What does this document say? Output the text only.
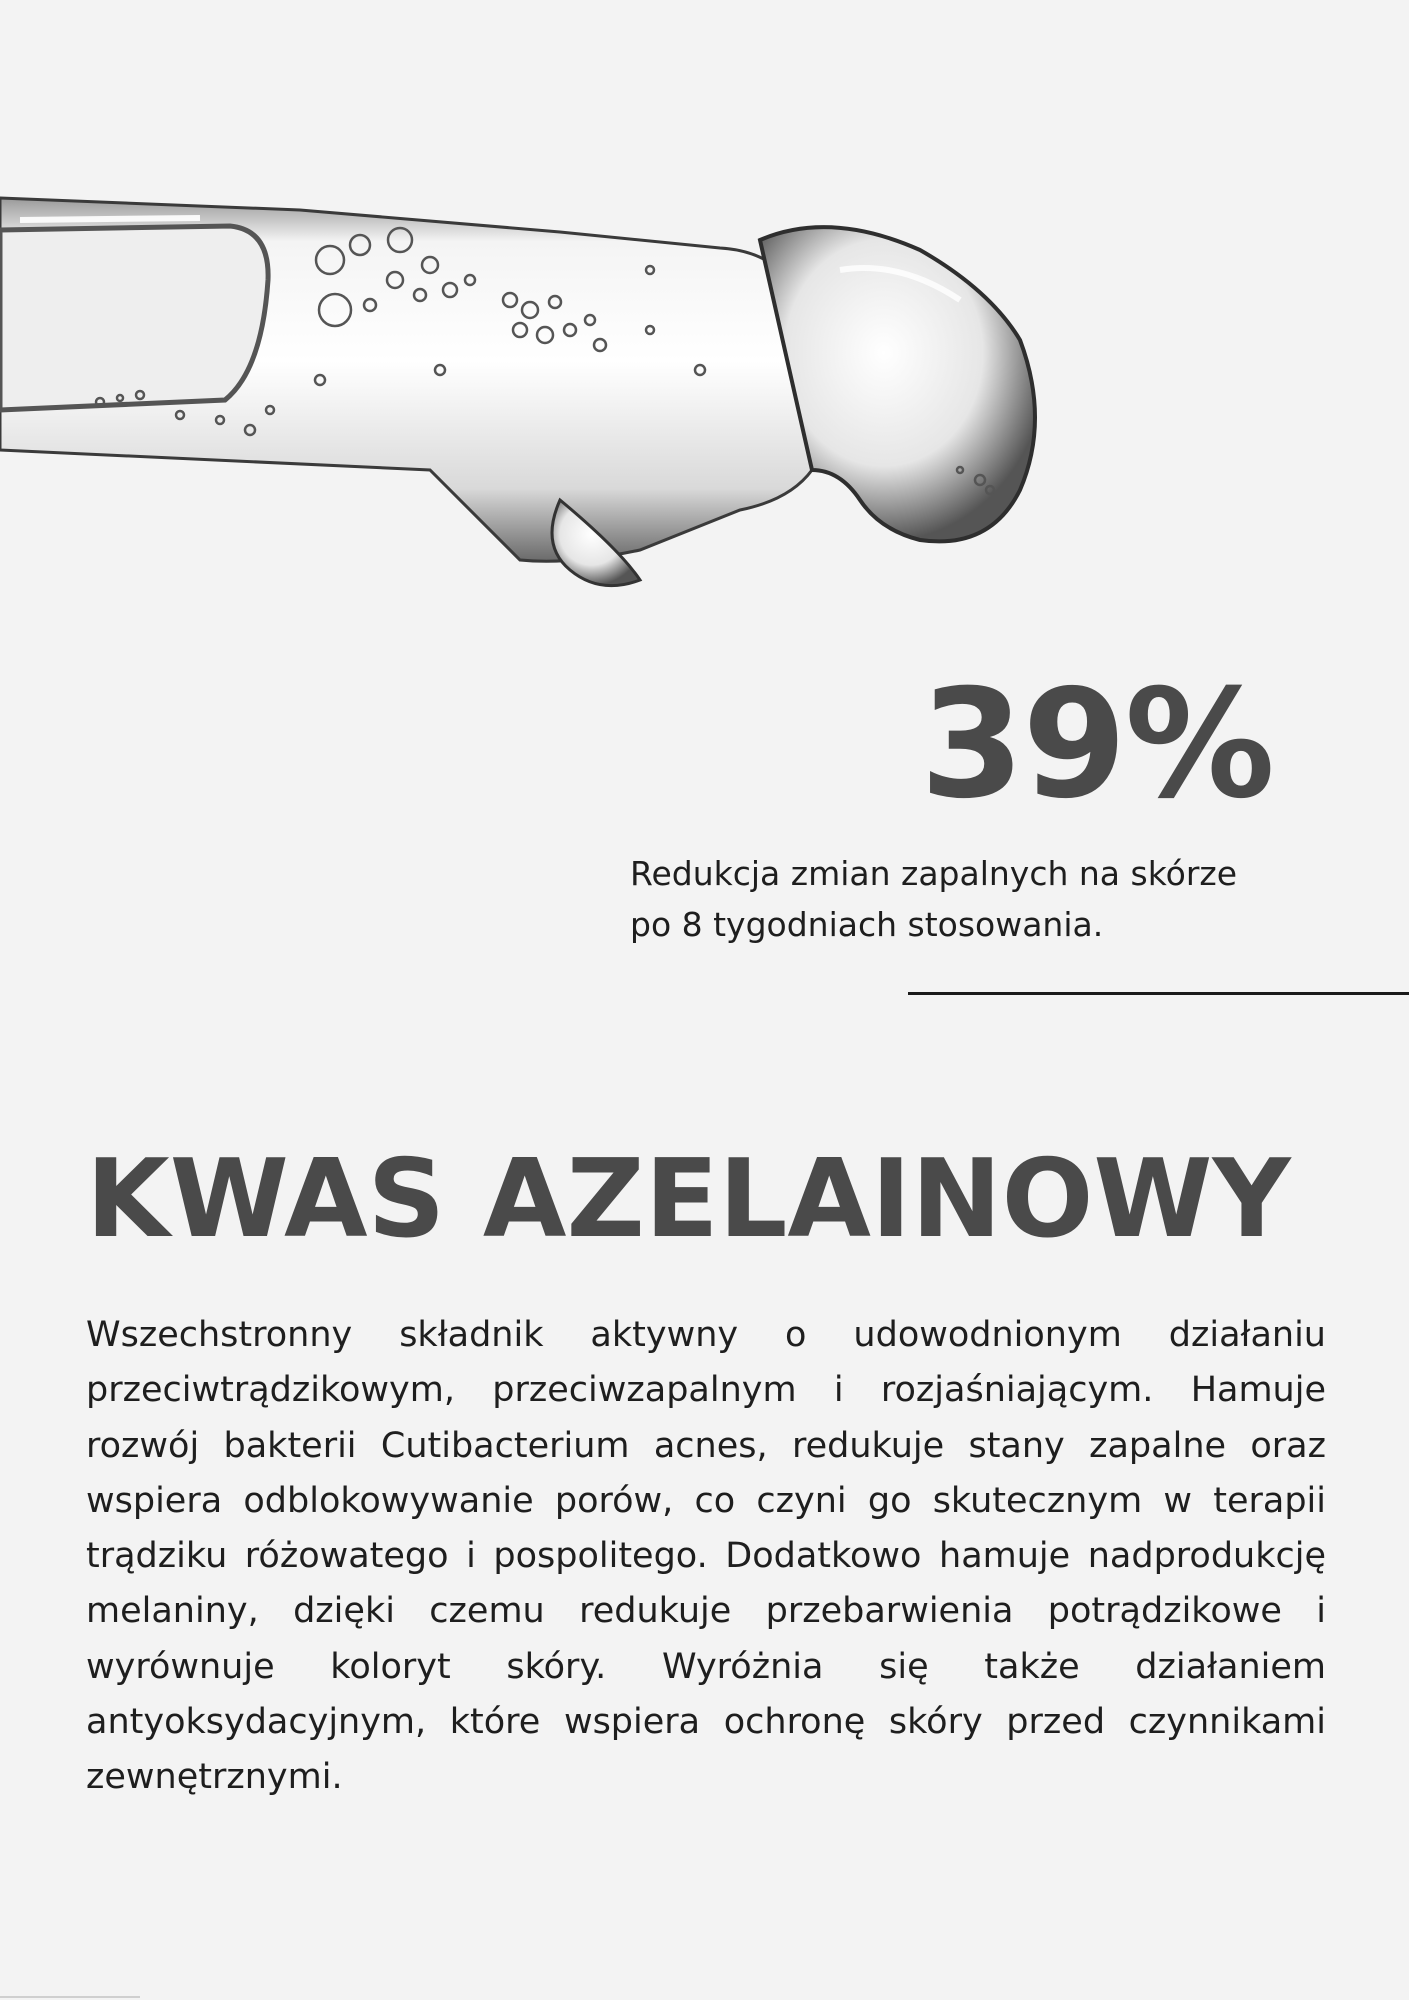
39%

Redukcja zmian zapalnych na skórze
po 8 tygodniach stosowania.
KWAS AZELAINOWY

Wszechstronny składnik aktywny o udowodnionym działaniu przeciwtrądzikowym, przeciwzapalnym i rozjaśniającym. Hamuje rozwój bakterii Cutibacterium acnes, redukuje stany zapalne oraz wspiera odblokowywanie porów, co czyni go skutecznym w terapii trądziku różowatego i pospolitego. Dodatkowo hamuje nadprodukcję melaniny, dzięki czemu redukuje przebarwienia potrądzikowe i wyrównuje koloryt skóry. Wyróżnia się także działaniem antyoksydacyjnym, które wspiera ochronę skóry przed czynnikami zewnętrznymi.
